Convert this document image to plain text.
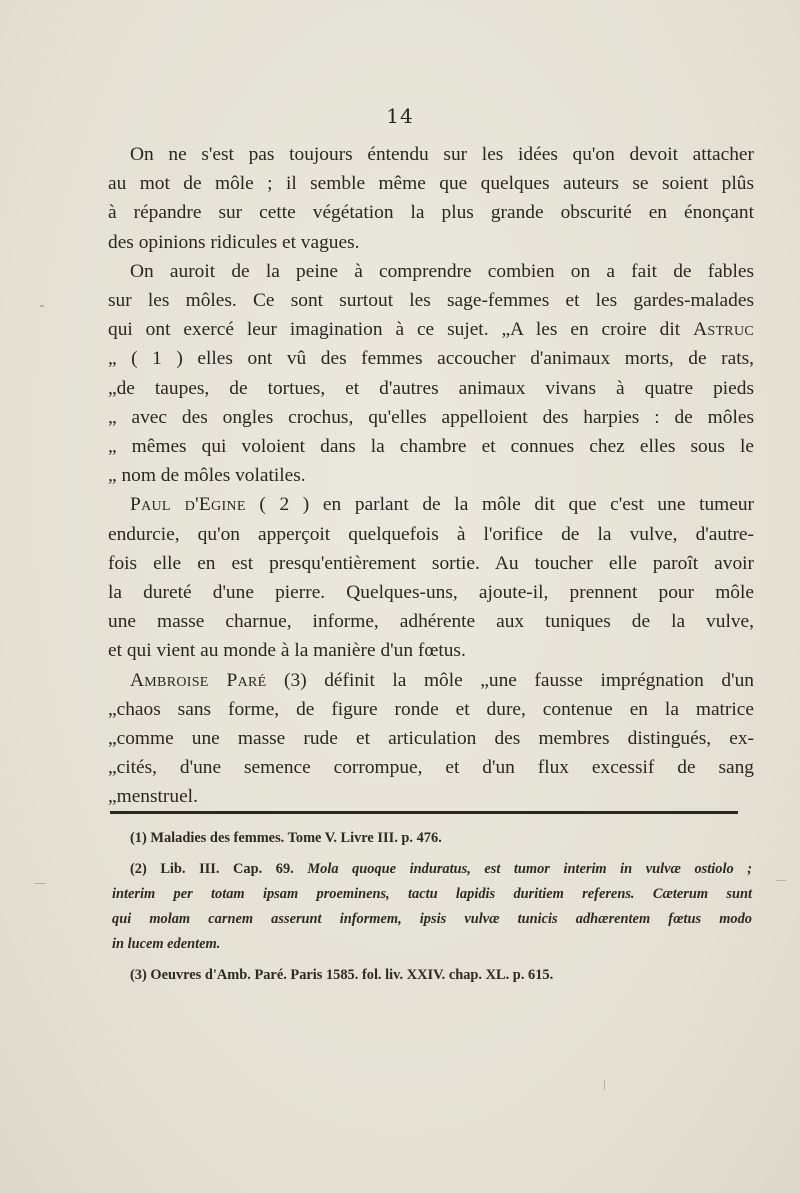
14
On ne s'est pas toujours éntendu sur les idées qu'on devoit attacher
au mot de môle ; il semble même que quelques auteurs se soient plûs
à répandre sur cette végétation la plus grande obscurité en énonçant
des opinions ridicules et vagues.
On auroit de la peine à comprendre combien on a fait de fables
sur les môles. Ce sont surtout les sage-femmes et les gardes-malades
qui ont exercé leur imagination à ce sujet. „A les en croire dit Astruc
„ ( 1 ) elles ont vû des femmes accoucher d'animaux morts, de rats,
„de taupes, de tortues, et d'autres animaux vivans à quatre pieds
„ avec des ongles crochus, qu'elles appelloient des harpies : de môles
„ mêmes qui voloient dans la chambre et connues chez elles sous le
„ nom de môles volatiles.
Paul d'Egine ( 2 ) en parlant de la môle dit que c'est une tumeur
endurcie, qu'on apperçoit quelquefois à l'orifice de la vulve, d'autre-
fois elle en est presqu'entièrement sortie. Au toucher elle paroît avoir
la dureté d'une pierre. Quelques-uns, ajoute-il, prennent pour môle
une masse charnue, informe, adhérente aux tuniques de la vulve,
et qui vient au monde à la manière d'un fœtus.
Ambroise Paré (3) définit la môle „une fausse imprégnation d'un
„chaos sans forme, de figure ronde et dure, contenue en la matrice
„comme une masse rude et articulation des membres distingués, ex-
„cités, d'une semence corrompue, et d'un flux excessif de sang
„menstruel.
(1) Maladies des femmes. Tome V. Livre III. p. 476.
(2) Lib. III. Cap. 69. Mola quoque induratus, est tumor interim in vulvæ ostiolo ;
interim per totam ipsam proeminens, tactu lapidis duritiem referens. Cæterum sunt
qui molam carnem asserunt informem, ipsis vulvæ tunicis adhærentem fœtus modo
in lucem edentem.
(3) Oeuvres d'Amb. Paré. Paris 1585. fol. liv. XXIV. chap. XL. p. 615.
